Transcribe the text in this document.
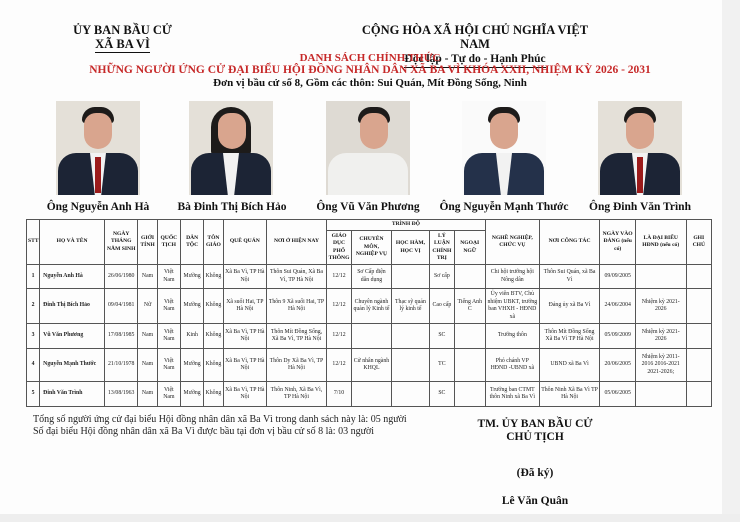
ỦY BAN BẦU CỬ
XÃ BA VÌ
CỘNG HÒA XÃ HỘI CHỦ NGHĨA VIỆT NAM
Độc lập - Tự do - Hạnh Phúc
DANH SÁCH CHÍNH THỨC
NHỮNG NGƯỜI ỨNG CỬ ĐẠI BIỂU HỘI ĐỒNG NHÂN DÂN XÃ BA VÌ KHÓA XXII, NHIỆM KỲ 2026 - 2031
Đơn vị bầu cử số 8, Gồm các thôn: Sui Quán, Mít Đồng Sống, Ninh
Ông Nguyễn Anh Hà	Bà Đinh Thị Bích Hảo	Ông Vũ Văn Phương	Ông Nguyễn Mạnh Thước	Ông Đinh Văn Trình
STT	HỌ VÀ TÊN	NGÀY THÁNG NĂM SINH	GIỚI TÍNH	QUỐC TỊCH	DÂN TỘC	TÔN GIÁO	QUÊ QUÁN	NƠI Ở HIỆN NAY	TRÌNH ĐỘ					NGHỀ NGHIỆP, CHỨC VỤ	NƠI CÔNG TÁC	NGÀY VÀO ĐẢNG (nếu có)	LÀ ĐẠI BIỂU HĐND (nếu có)	GHI CHÚ
									GIÁO DỤC PHỔ THÔNG	CHUYÊN MÔN, NGHIỆP VỤ	HỌC HÀM, HỌC VỊ	LÝ LUẬN CHÍNH TRỊ	NGOẠI NGỮ					
1	Nguyễn Anh Hà	26/06/1980	Nam	Việt Nam	Mường	Không	Xã Ba Vì, TP Hà Nội	Thôn Sui Quán, Xã Ba Vì, TP Hà Nội	12/12	Sơ Cấp điện dân dụng		Sơ cấp		Chi hội trưởng hội Nông dân	Thôn Sui Quán, xã Ba Vì	09/09/2005		
2	Đinh Thị Bích Hảo	09/04/1981	Nữ	Việt Nam	Mường	Không	Xã suối Hai, TP Hà Nội	Thôn 9 Xã suối Hai, TP Hà Nội	12/12	Chuyên ngành quản lý Kinh tế	Thạc sỹ quản lý kinh tế	Cao cấp	Tiếng Anh C	Ủy viên BTV, Chủ nhiệm UBKT, trưởng ban VHXH - HĐND xã	Đảng ủy xã Ba Vì	24/06/2004	Nhiệm kỳ 2021-2026	
3	Vũ Văn Phương	17/08/1985	Nam	Việt Nam	Kinh	Không	Xã Ba Vì, TP Hà Nội	Thôn Mít Đồng Sống, Xã Ba Vì, TP Hà Nội	12/12			SC		Trưởng thôn	Thôn Mít Đồng Sống Xã Ba Vì TP Hà Nội	05/09/2009	Nhiệm kỳ 2021-2026	
4	Nguyễn Mạnh Thước	21/10/1978	Nam	Việt Nam	Mường	Không	Xã Ba Vì, TP Hà Nội	Thôn Dy Xã Ba Vì, TP Hà Nội	12/12	Cử nhân ngành KHQL		TC		Phó chánh VP HĐND -UBND xã	UBND xã Ba Vì	20/06/2005	Nhiệm kỳ 2011-2016 2016-2021 2021-2026;	
5	Đinh Văn Trình	13/08/1963	Nam	Việt Nam	Mường	Không	Xã Ba Vì, TP Hà Nội	Thôn Ninh, Xã Ba Vì, TP Hà Nội	7/10			SC		Trưởng ban CTMT thôn Ninh xã Ba Vì	Thôn Ninh Xã Ba Vì TP Hà Nội	05/06/2005		
Tổng số người ứng cử đại biểu Hội đồng nhân dân xã Ba Vì trong danh sách này là: 05 người
Số đại biểu Hội đồng nhân dân xã Ba Vì được bầu tại đơn vị bầu cử số 8 là: 03 người
TM. ỦY BAN BẦU CỬ
CHỦ TỊCH
(Đã ký)
Lê Văn Quân
